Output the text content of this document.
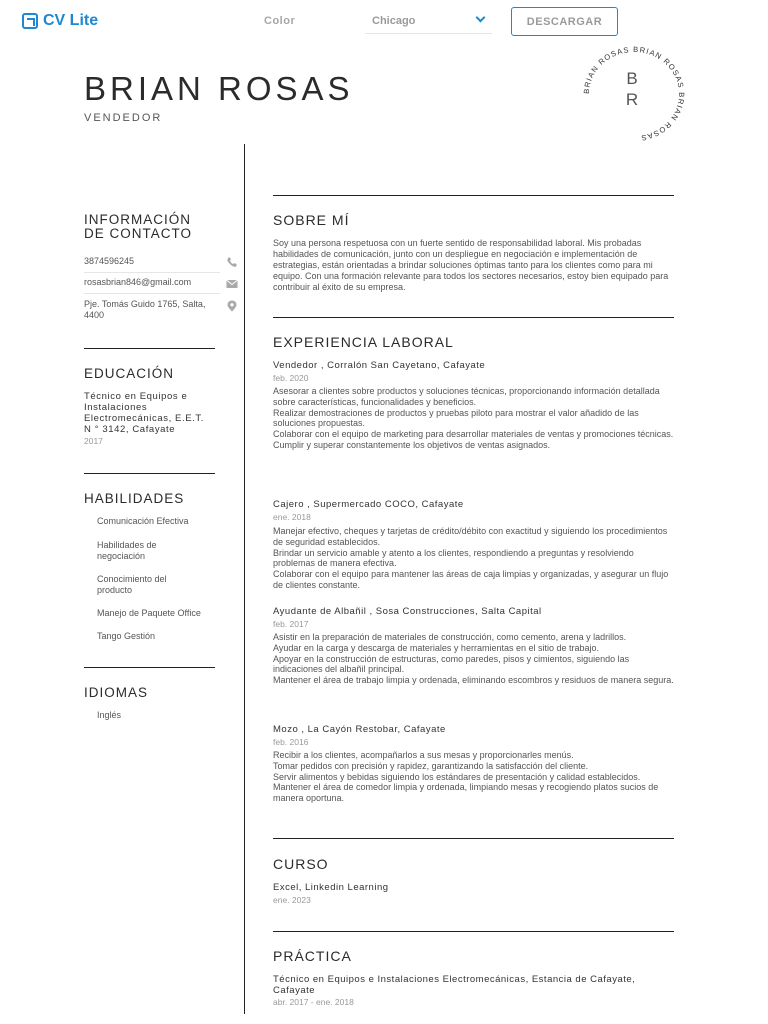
CV Lite	Color	Chicago	DESCARGAR
BRIAN ROSAS
VENDEDOR
BRIAN ROSAS BRIAN ROSAS BRIAN ROSAS
B
R
INFORMACIÓN
DE CONTACTO
3874596245
rosasbrian846@gmail.com
Pje. Tomás Guido 1765, Salta, 4400
EDUCACIÓN
Técnico en Equipos e Instalaciones Electromecánicas, E.E.T. N ° 3142, Cafayate
2017
HABILIDADES
Comunicación Efectiva
Habilidades de negociación
Conocimiento del producto
Manejo de Paquete Office
Tango Gestión
IDIOMAS
Inglés
SOBRE MÍ
Soy una persona respetuosa con un fuerte sentido de responsabilidad laboral. Mis probadas habilidades de comunicación, junto con un despliegue en negociación e implementación de estrategias, están orientadas a brindar soluciones óptimas tanto para los clientes como para mi equipo. Con una formación relevante para todos los sectores necesarios, estoy bien equipado para contribuir al éxito de su empresa.
EXPERIENCIA LABORAL
Vendedor , Corralón San Cayetano, Cafayate
feb. 2020
Asesorar a clientes sobre productos y soluciones técnicas, proporcionando información detallada sobre características, funcionalidades y beneficios.
Realizar demostraciones de productos y pruebas piloto para mostrar el valor añadido de las soluciones propuestas.
Colaborar con el equipo de marketing para desarrollar materiales de ventas y promociones técnicas.
Cumplir y superar constantemente los objetivos de ventas asignados.
Cajero , Supermercado COCO, Cafayate
ene. 2018
Manejar efectivo, cheques y tarjetas de crédito/débito con exactitud y siguiendo los procedimientos de seguridad establecidos.
Brindar un servicio amable y atento a los clientes, respondiendo a preguntas y resolviendo problemas de manera efectiva.
Colaborar con el equipo para mantener las áreas de caja limpias y organizadas, y asegurar un flujo de clientes constante.
Ayudante de Albañil , Sosa Construcciones, Salta Capital
feb. 2017
Asistir en la preparación de materiales de construcción, como cemento, arena y ladrillos.
Ayudar en la carga y descarga de materiales y herramientas en el sitio de trabajo.
Apoyar en la construcción de estructuras, como paredes, pisos y cimientos, siguiendo las indicaciones del albañil principal.
Mantener el área de trabajo limpia y ordenada, eliminando escombros y residuos de manera segura.
Mozo , La Cayón Restobar, Cafayate
feb. 2016
Recibir a los clientes, acompañarlos a sus mesas y proporcionarles menús.
Tomar pedidos con precisión y rapidez, garantizando la satisfacción del cliente.
Servir alimentos y bebidas siguiendo los estándares de presentación y calidad establecidos.
Mantener el área de comedor limpia y ordenada, limpiando mesas y recogiendo platos sucios de manera oportuna.
CURSO
Excel, Linkedin Learning
ene. 2023
PRÁCTICA
Técnico en Equipos e Instalaciones Electromecánicas, Estancia de Cafayate, Cafayate
abr. 2017 - ene. 2018
